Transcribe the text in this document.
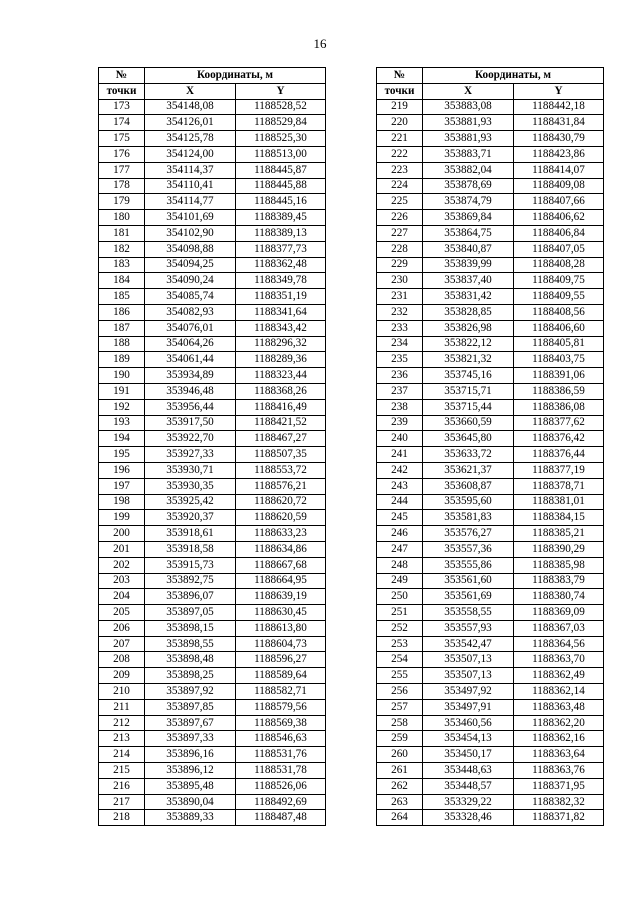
16
№	Координаты, м	
точки	X	Y
173	354148,08	1188528,52
174	354126,01	1188529,84
175	354125,78	1188525,30
176	354124,00	1188513,00
177	354114,37	1188445,87
178	354110,41	1188445,88
179	354114,77	1188445,16
180	354101,69	1188389,45
181	354102,90	1188389,13
182	354098,88	1188377,73
183	354094,25	1188362,48
184	354090,24	1188349,78
185	354085,74	1188351,19
186	354082,93	1188341,64
187	354076,01	1188343,42
188	354064,26	1188296,32
189	354061,44	1188289,36
190	353934,89	1188323,44
191	353946,48	1188368,26
192	353956,44	1188416,49
193	353917,50	1188421,52
194	353922,70	1188467,27
195	353927,33	1188507,35
196	353930,71	1188553,72
197	353930,35	1188576,21
198	353925,42	1188620,72
199	353920,37	1188620,59
200	353918,61	1188633,23
201	353918,58	1188634,86
202	353915,73	1188667,68
203	353892,75	1188664,95
204	353896,07	1188639,19
205	353897,05	1188630,45
206	353898,15	1188613,80
207	353898,55	1188604,73
208	353898,48	1188596,27
209	353898,25	1188589,64
210	353897,92	1188582,71
211	353897,85	1188579,56
212	353897,67	1188569,38
213	353897,33	1188546,63
214	353896,16	1188531,76
215	353896,12	1188531,78
216	353895,48	1188526,06
217	353890,04	1188492,69
218	353889,33	1188487,48
№	Координаты, м	
точки	X	Y
219	353883,08	1188442,18
220	353881,93	1188431,84
221	353881,93	1188430,79
222	353883,71	1188423,86
223	353882,04	1188414,07
224	353878,69	1188409,08
225	353874,79	1188407,66
226	353869,84	1188406,62
227	353864,75	1188406,84
228	353840,87	1188407,05
229	353839,99	1188408,28
230	353837,40	1188409,75
231	353831,42	1188409,55
232	353828,85	1188408,56
233	353826,98	1188406,60
234	353822,12	1188405,81
235	353821,32	1188403,75
236	353745,16	1188391,06
237	353715,71	1188386,59
238	353715,44	1188386,08
239	353660,59	1188377,62
240	353645,80	1188376,42
241	353633,72	1188376,44
242	353621,37	1188377,19
243	353608,87	1188378,71
244	353595,60	1188381,01
245	353581,83	1188384,15
246	353576,27	1188385,21
247	353557,36	1188390,29
248	353555,86	1188385,98
249	353561,60	1188383,79
250	353561,69	1188380,74
251	353558,55	1188369,09
252	353557,93	1188367,03
253	353542,47	1188364,56
254	353507,13	1188363,70
255	353507,13	1188362,49
256	353497,92	1188362,14
257	353497,91	1188363,48
258	353460,56	1188362,20
259	353454,13	1188362,16
260	353450,17	1188363,64
261	353448,63	1188363,76
262	353448,57	1188371,95
263	353329,22	1188382,32
264	353328,46	1188371,82
